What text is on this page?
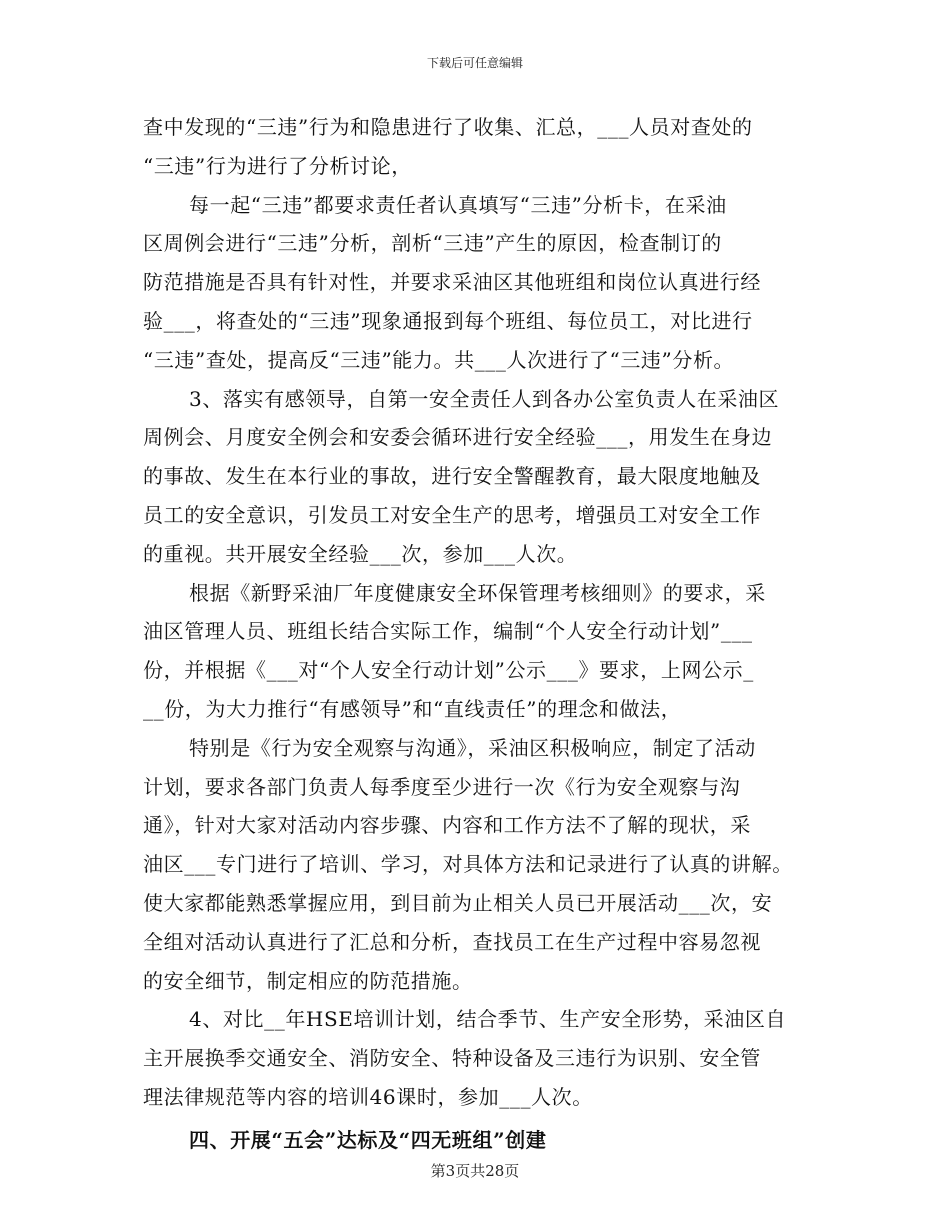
下载后可任意编辑
查中发现的“三违”行为和隐患进行了收集、汇总，___人员对查处的
“三违”行为进行了分析讨论，
每一起“三违”都要求责任者认真填写“三违”分析卡，在采油
区周例会进行“三违”分析，剖析“三违”产生的原因，检查制订的
防范措施是否具有针对性，并要求采油区其他班组和岗位认真进行经
验___，将查处的“三违”现象通报到每个班组、每位员工，对比进行
“三违”查处，提高反“三违”能力。共___人次进行了“三违”分析。
3、落实有感领导，自第一安全责任人到各办公室负责人在采油区
周例会、月度安全例会和安委会循环进行安全经验___，用发生在身边
的事故、发生在本行业的事故，进行安全警醒教育，最大限度地触及
员工的安全意识，引发员工对安全生产的思考，增强员工对安全工作
的重视。共开展安全经验___次，参加___人次。
根据《新野采油厂年度健康安全环保管理考核细则》的要求，采
油区管理人员、班组长结合实际工作，编制“个人安全行动计划”___
份，并根据《___对“个人安全行动计划”公示___》要求，上网公示_
__份，为大力推行“有感领导”和“直线责任”的理念和做法，
特别是《行为安全观察与沟通》，采油区积极响应，制定了活动
计划，要求各部门负责人每季度至少进行一次《行为安全观察与沟
通》，针对大家对活动内容步骤、内容和工作方法不了解的现状，采
油区___专门进行了培训、学习，对具体方法和记录进行了认真的讲解。
使大家都能熟悉掌握应用，到目前为止相关人员已开展活动___次，安
全组对活动认真进行了汇总和分析，查找员工在生产过程中容易忽视
的安全细节，制定相应的防范措施。
4、对比__年HSE培训计划，结合季节、生产安全形势，采油区自
主开展换季交通安全、消防安全、特种设备及三违行为识别、安全管
理法律规范等内容的培训46课时，参加___人次。
四、开展“五会”达标及“四无班组”创建
第3页共28页
